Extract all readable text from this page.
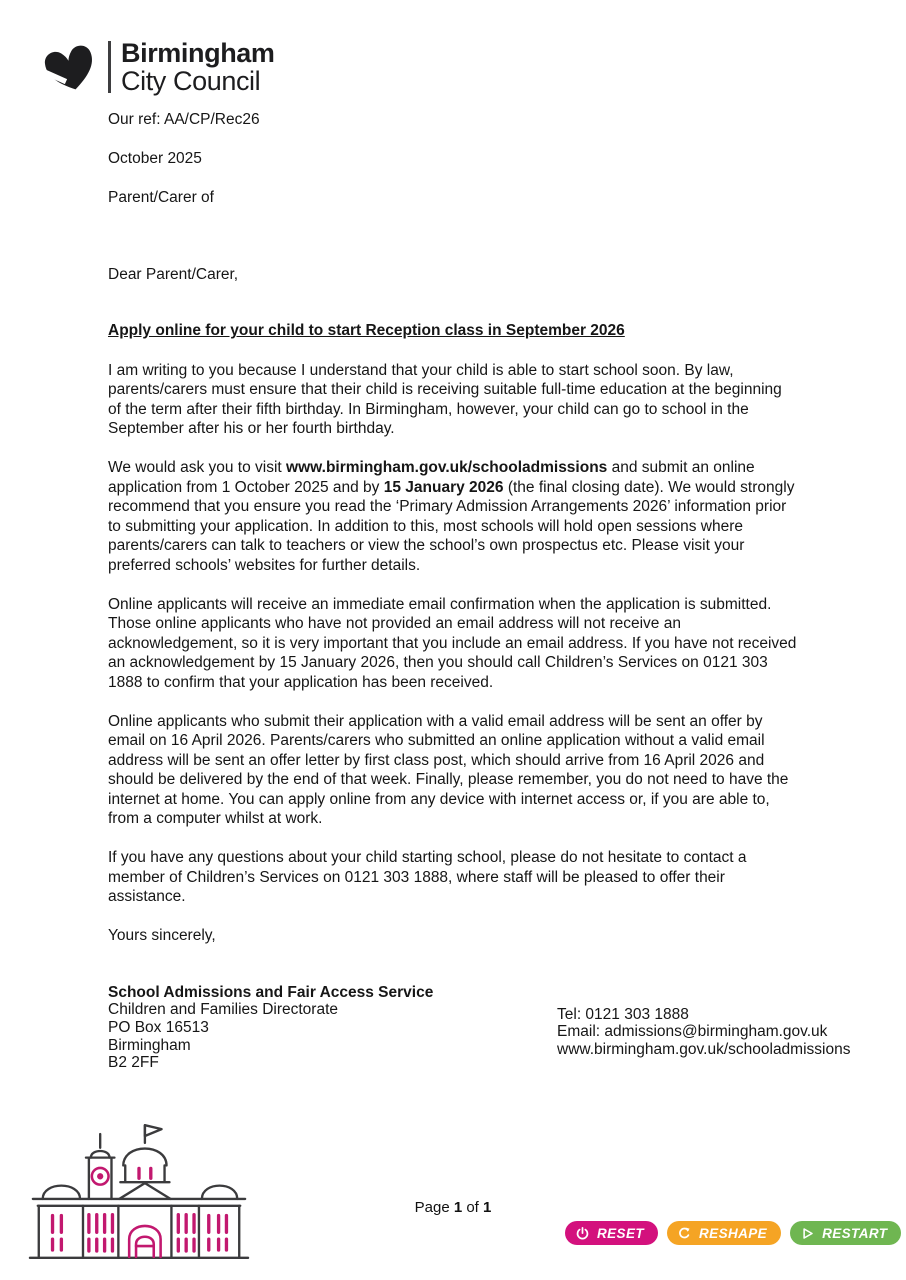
Birmingham
City Council

Our ref: AA/CP/Rec26

October 2025

Parent/Carer of

Dear Parent/Carer,

Apply online for your child to start Reception class in September 2026

I am writing to you because I understand that your child is able to start school soon. By law, parents/carers must ensure that their child is receiving suitable full-time education at the beginning of the term after their fifth birthday. In Birmingham, however, your child can go to school in the September after his or her fourth birthday.

We would ask you to visit www.birmingham.gov.uk/schooladmissions and submit an online application from 1 October 2025 and by 15 January 2026 (the final closing date). We would strongly recommend that you ensure you read the ‘Primary Admission Arrangements 2026’ information prior to submitting your application. In addition to this, most schools will hold open sessions where parents/carers can talk to teachers or view the school’s own prospectus etc. Please visit your preferred schools’ websites for further details.

Online applicants will receive an immediate email confirmation when the application is submitted. Those online applicants who have not provided an email address will not receive an acknowledgement, so it is very important that you include an email address. If you have not received an acknowledgement by 15 January 2026, then you should call Children’s Services on 0121 303 1888 to confirm that your application has been received.

Online applicants who submit their application with a valid email address will be sent an offer by email on 16 April 2026. Parents/carers who submitted an online application without a valid email address will be sent an offer letter by first class post, which should arrive from 16 April 2026 and should be delivered by the end of that week. Finally, please remember, you do not need to have the internet at home. You can apply online from any device with internet access or, if you are able to, from a computer whilst at work.

If you have any questions about your child starting school, please do not hesitate to contact a member of Children’s Services on 0121 303 1888, where staff will be pleased to offer their assistance.

Yours sincerely,

School Admissions and Fair Access Service
Children and Families Directorate
PO Box 16513
Birmingham
B2 2FF
Tel: 0121 303 1888
Email: admissions@birmingham.gov.uk
www.birmingham.gov.uk/schooladmissions
Page 1 of 1
RESET	RESHAPE	RESTART
